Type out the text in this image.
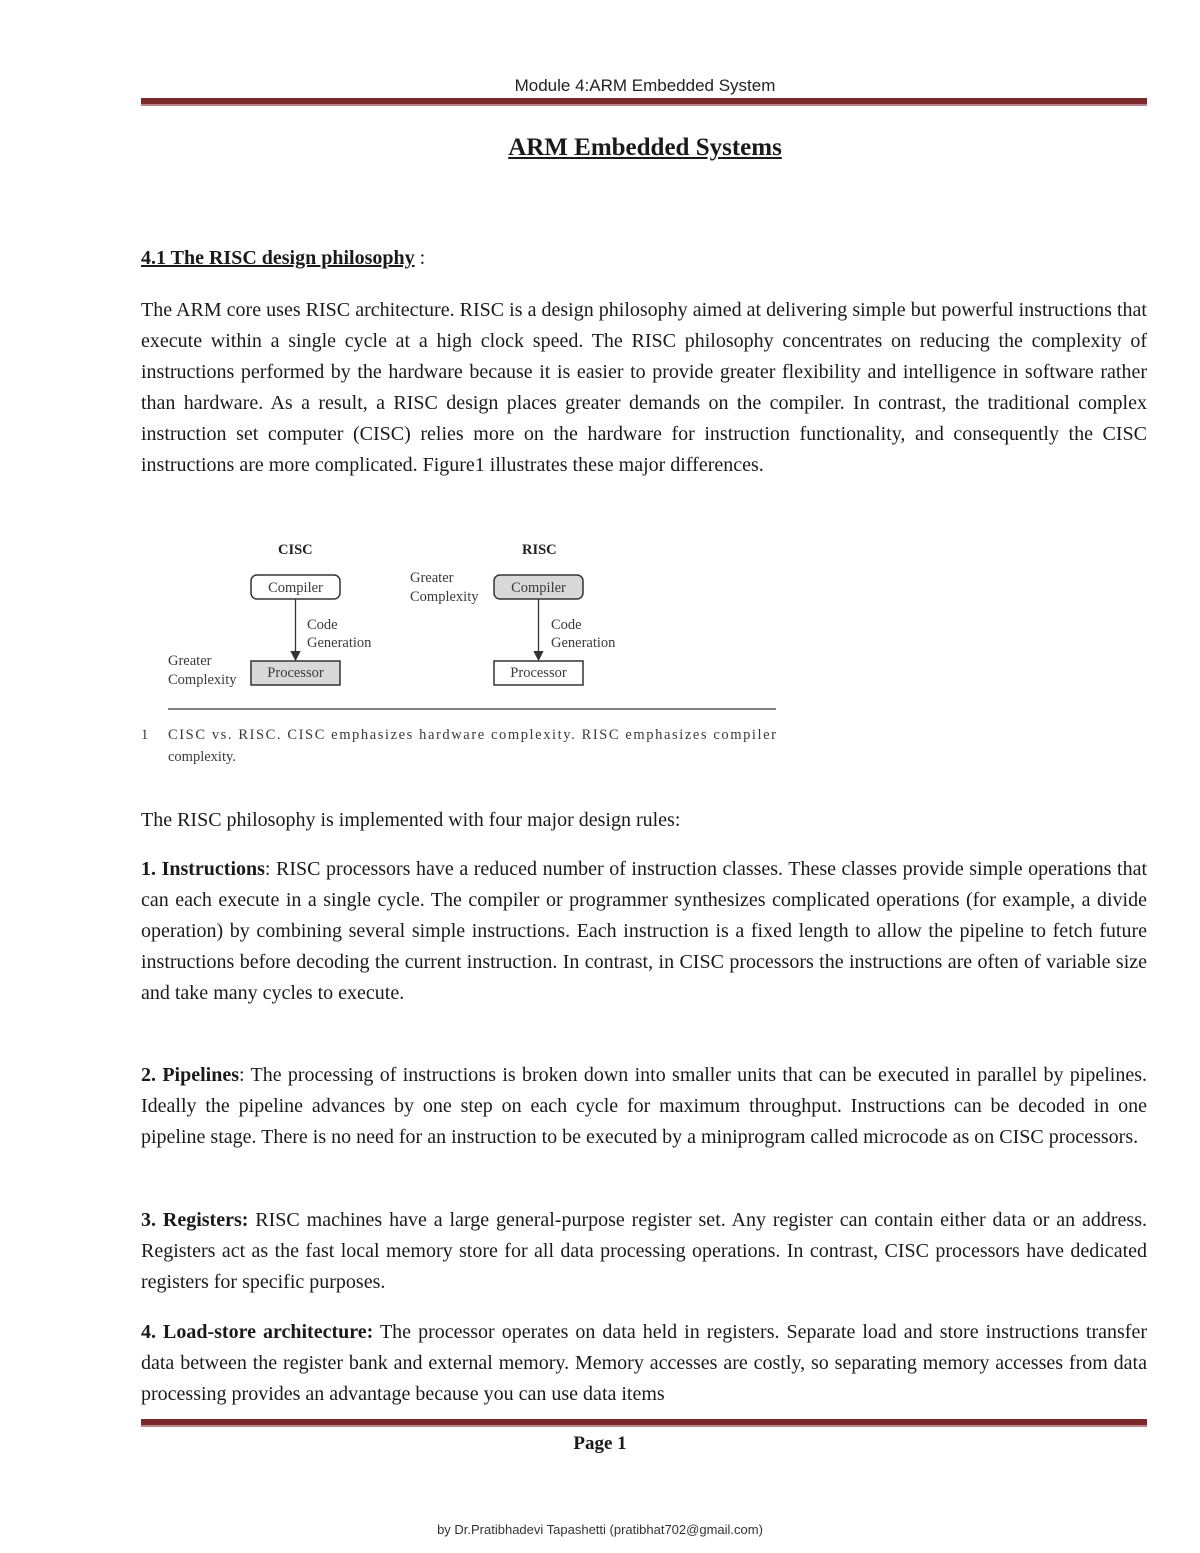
Module 4:ARM Embedded System
ARM Embedded Systems
4.1 The RISC design philosophy :

The ARM core uses RISC architecture. RISC is a design philosophy aimed at delivering simple but powerful instructions that execute within a single cycle at a high clock speed. The RISC philosophy concentrates on reducing the complexity of instructions performed by the hardware because it is easier to provide greater flexibility and intelligence in software rather than hardware. As a result, a RISC design places greater demands on the compiler. In contrast, the traditional complex instruction set computer (CISC) relies more on the hardware for instruction functionality, and consequently the CISC instructions are more complicated. Figure1 illustrates these major differences.

CISC
Compiler
Code
Generation
Processor
Greater
Complexity
RISC
Compiler
Code
Generation
Processor
Greater
Complexity
1 CISC vs. RISC. CISC emphasizes hardware complexity. RISC emphasizes compiler
complexity.

The RISC philosophy is implemented with four major design rules:

1. Instructions: RISC processors have a reduced number of instruction classes. These classes provide simple operations that can each execute in a single cycle. The compiler or programmer synthesizes complicated operations (for example, a divide operation) by combining several simple instructions. Each instruction is a fixed length to allow the pipeline to fetch future instructions before decoding the current instruction. In contrast, in CISC processors the instructions are often of variable size and take many cycles to execute.

2. Pipelines: The processing of instructions is broken down into smaller units that can be executed in parallel by pipelines. Ideally the pipeline advances by one step on each cycle for maximum throughput. Instructions can be decoded in one pipeline stage. There is no need for an instruction to be executed by a miniprogram called microcode as on CISC processors.

3. Registers: RISC machines have a large general-purpose register set. Any register can contain either data or an address. Registers act as the fast local memory store for all data processing operations. In contrast, CISC processors have dedicated registers for specific purposes.

4. Load-store architecture: The processor operates on data held in registers. Separate load and store instructions transfer data between the register bank and external memory. Memory accesses are costly, so separating memory accesses from data processing provides an advantage because you can use data items

Page 1
by Dr.Pratibhadevi Tapashetti (pratibhat702@gmail.com)
